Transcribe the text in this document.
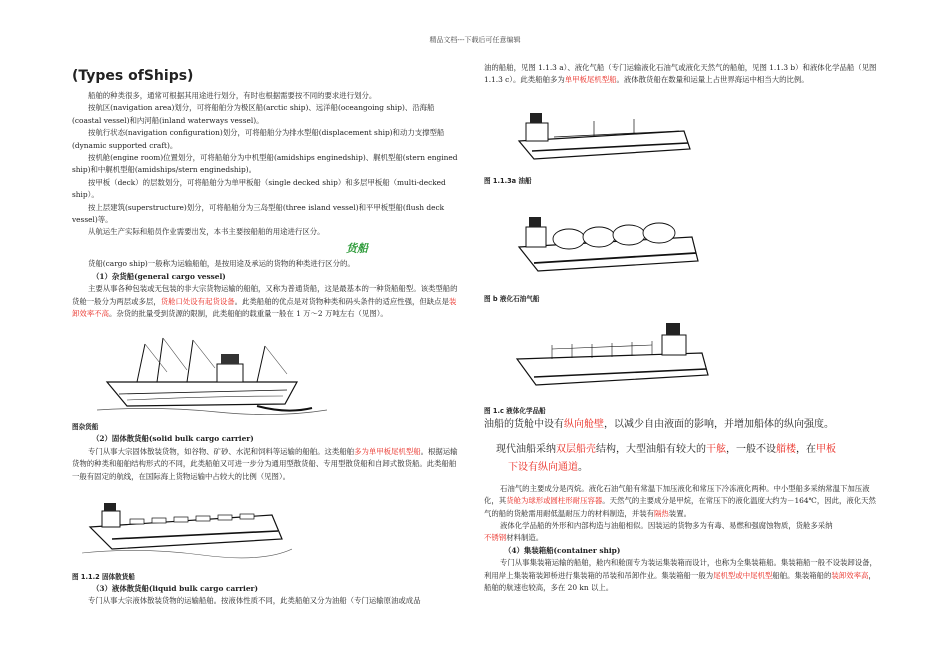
精品文档---下载后可任意编辑
(Types ofShips)

船舶的种类很多，通常可根据其用途进行划分，有时也根据需要按不同的要求进行划分。

按航区(navigation area)划分，可将船舶分为极区船(arctic ship)、远洋船(oceangoing ship)、沿海船(coastal vessel)和内河船(inland waterways vessel)。

按航行状态(navigation configuration)划分，可将船舶分为排水型船(displacement ship)和动力支撑型船(dynamic supported craft)。

按机舱(engine room)位置划分，可将船舶分为中机型船(amidships enginedship)、艉机型船(stern engined ship)和中艉机型船(amidships/stern enginedship)。

按甲板（deck）的层数划分，可将船舶分为单甲板船（single decked ship）和多层甲板船（multi-decked ship）。

按上层建筑(superstructure)划分，可将船舶分为三岛型船(three island vessel)和平甲板型船(flush deck vessel)等。

从航运生产实际和船员作业需要出发，本书主要按船舶的用途进行区分。

货船

货船(cargo ship)一般称为运输船舶，是按用途及承运的货物的种类进行区分的。

（1）杂货船(general cargo vessel)

主要从事各种包装或无包装的非大宗货物运输的船舶，又称为普通货船，这是最基本的一种货船船型。该类型船的货舱一般分为两层或多层，货舱口处设有起货设备。此类船舶的优点是对货物种类和码头条件的适应性强，但缺点是装卸效率不高。杂货的批量受到货源的限制，此类船舶的载重量一般在 1 万～2 万吨左右（见图）。

图杂货船

（2）固体散货船(solid bulk cargo carrier)

专门从事大宗固体散装货物，如谷物、矿砂、水泥和饲料等运输的船舶。这类船舶多为单甲板尾机型船。根据运输货物的种类和船舶结构形式的不同，此类船舶又可进一步分为通用型散货船、专用型散货船和自卸式散货船。此类船舶一般有固定的航线，在国际海上货物运输中占较大的比例（见图）。

图 1.1.2 固体散货船

（3）液体散货船(liquid bulk cargo carrier)

专门从事大宗液体散装货物的运输船舶。按液体性质不同，此类船舶又分为油船（专门运输原油或成品

油的船舶，见图 1.1.3 a）、液化气船（专门运输液化石油气或液化天然气的船舶，见图 1.1.3 b）和液体化学品船（见图 1.1.3 c）。此类船舶多为单甲板尾机型船。液体散货船在数量和运量上占世界海运中相当大的比例。

图 1.1.3a 油船
图 b 液化石油气船
图 1.c 液体化学品船

油船的货舱中设有纵向舱壁，以减少自由液面的影响，并增加船体的纵向强度。

现代油船采纳双层船壳结构，大型油船有较大的干舷，一般不设艏楼，在甲板
下设有纵向通道。

石油气的主要成分是丙烷。液化石油气船有常温下加压液化和常压下冷冻液化两种。中小型船多采纳常温下加压液化，其货舱为球形或圆柱形耐压容器。天然气的主要成分是甲烷，在常压下的液化温度大约为－164℃，因此，液化天然气的船的货舱需用耐低温耐压力的材料制造，并装有隔热装置。

液体化学品船的外形和内部构造与油船相似。因装运的货物多为有毒、易燃和强腐蚀物质，货舱多采纳
不锈钢材料制造。

（4）集装箱船(container ship)

专门从事集装箱运输的船舶，舱内和舱面专为装运集装箱而设计，也称为全集装箱船。集装箱船一般不设装卸设备，利用岸上集装箱装卸桥进行集装箱的吊装和吊卸作业。集装箱船一般为尾机型或中尾机型船舶。集装箱船的装卸效率高，船舶的航速也较高，多在 20 kn 以上。
